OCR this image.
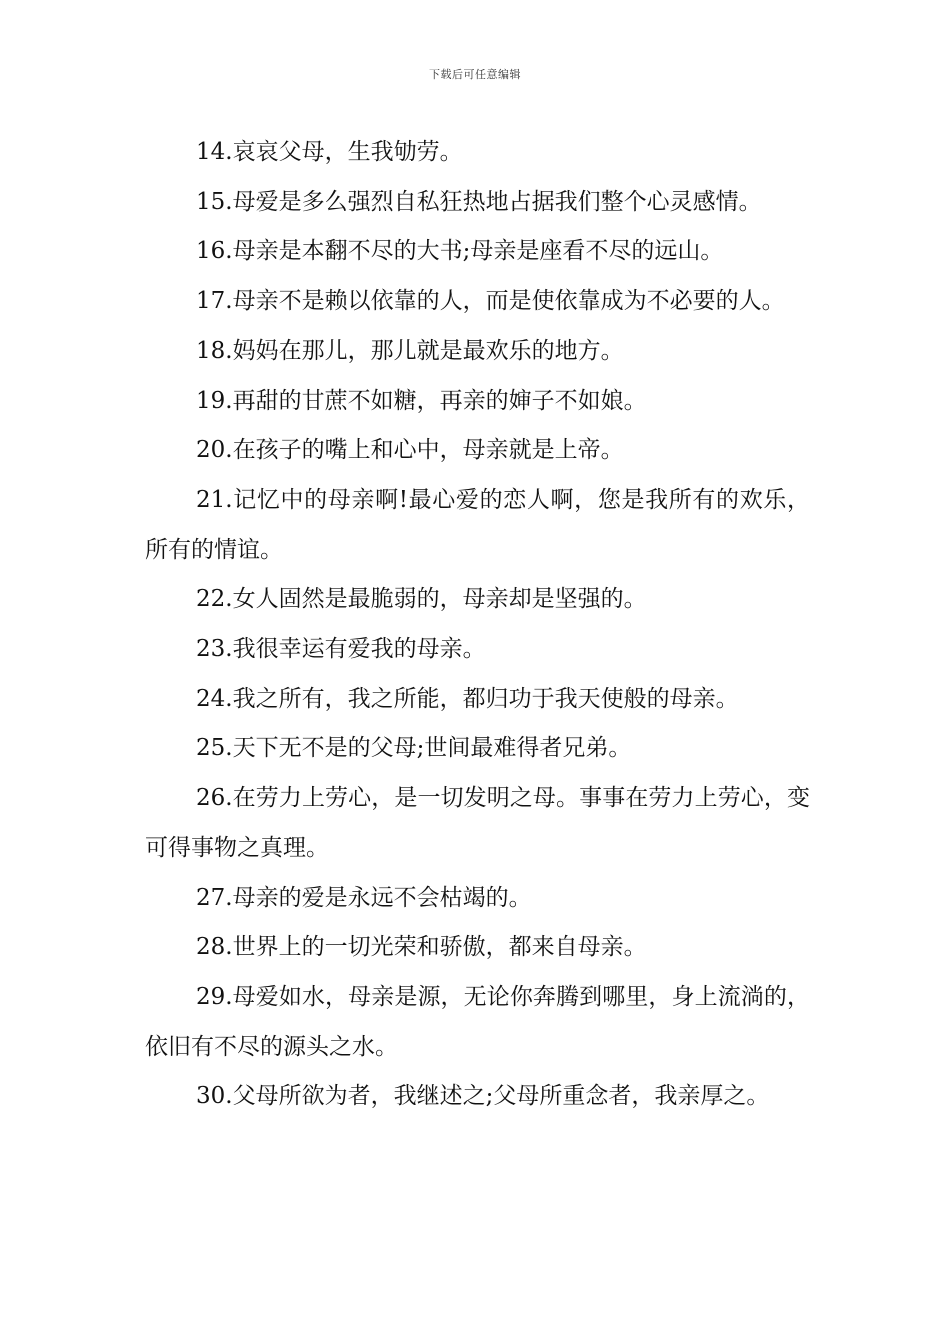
下载后可任意编辑

14.哀哀父母，生我劬劳。

15.母爱是多么强烈自私狂热地占据我们整个心灵感情。

16.母亲是本翻不尽的大书;母亲是座看不尽的远山。

17.母亲不是赖以依靠的人，而是使依靠成为不必要的人。

18.妈妈在那儿，那儿就是最欢乐的地方。

19.再甜的甘蔗不如糖，再亲的婶子不如娘。

20.在孩子的嘴上和心中，母亲就是上帝。

21.记忆中的母亲啊!最心爱的恋人啊，您是我所有的欢乐，所有的情谊。

22.女人固然是最脆弱的，母亲却是坚强的。

23.我很幸运有爱我的母亲。

24.我之所有，我之所能，都归功于我天使般的母亲。

25.天下无不是的父母;世间最难得者兄弟。

26.在劳力上劳心，是一切发明之母。事事在劳力上劳心，变可得事物之真理。

27.母亲的爱是永远不会枯竭的。

28.世界上的一切光荣和骄傲，都来自母亲。

29.母爱如水，母亲是源，无论你奔腾到哪里，身上流淌的，依旧有不尽的源头之水。

30.父母所欲为者，我继述之;父母所重念者，我亲厚之。
